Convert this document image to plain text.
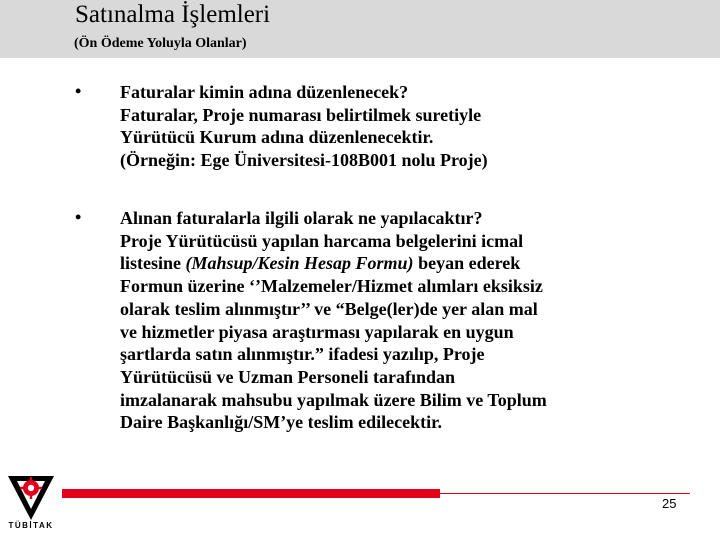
Satınalma İşlemleri
(Ön Ödeme Yoluyla Olanlar)
• Faturalar kimin adına düzenlenecek?
Faturalar, Proje numarası belirtilmek suretiyle
Yürütücü Kurum adına düzenlenecektir.
(Örneğin: Ege Üniversitesi-108B001 nolu Proje)
• Alınan faturalarla ilgili olarak ne yapılacaktır?
Proje Yürütücüsü yapılan harcama belgelerini icmal
listesine (Mahsup/Kesin Hesap Formu) beyan ederek
Formun üzerine ‘’Malzemeler/Hizmet alımları eksiksiz
olarak teslim alınmıştır’’ ve “Belge(ler)de yer alan mal
ve hizmetler piyasa araştırması yapılarak en uygun
şartlarda satın alınmıştır.” ifadesi yazılıp, Proje
Yürütücüsü ve Uzman Personeli tarafından
imzalanarak mahsubu yapılmak üzere Bilim ve Toplum
Daire Başkanlığı/SM’ye teslim edilecektir.
25
TÜBİTAK
